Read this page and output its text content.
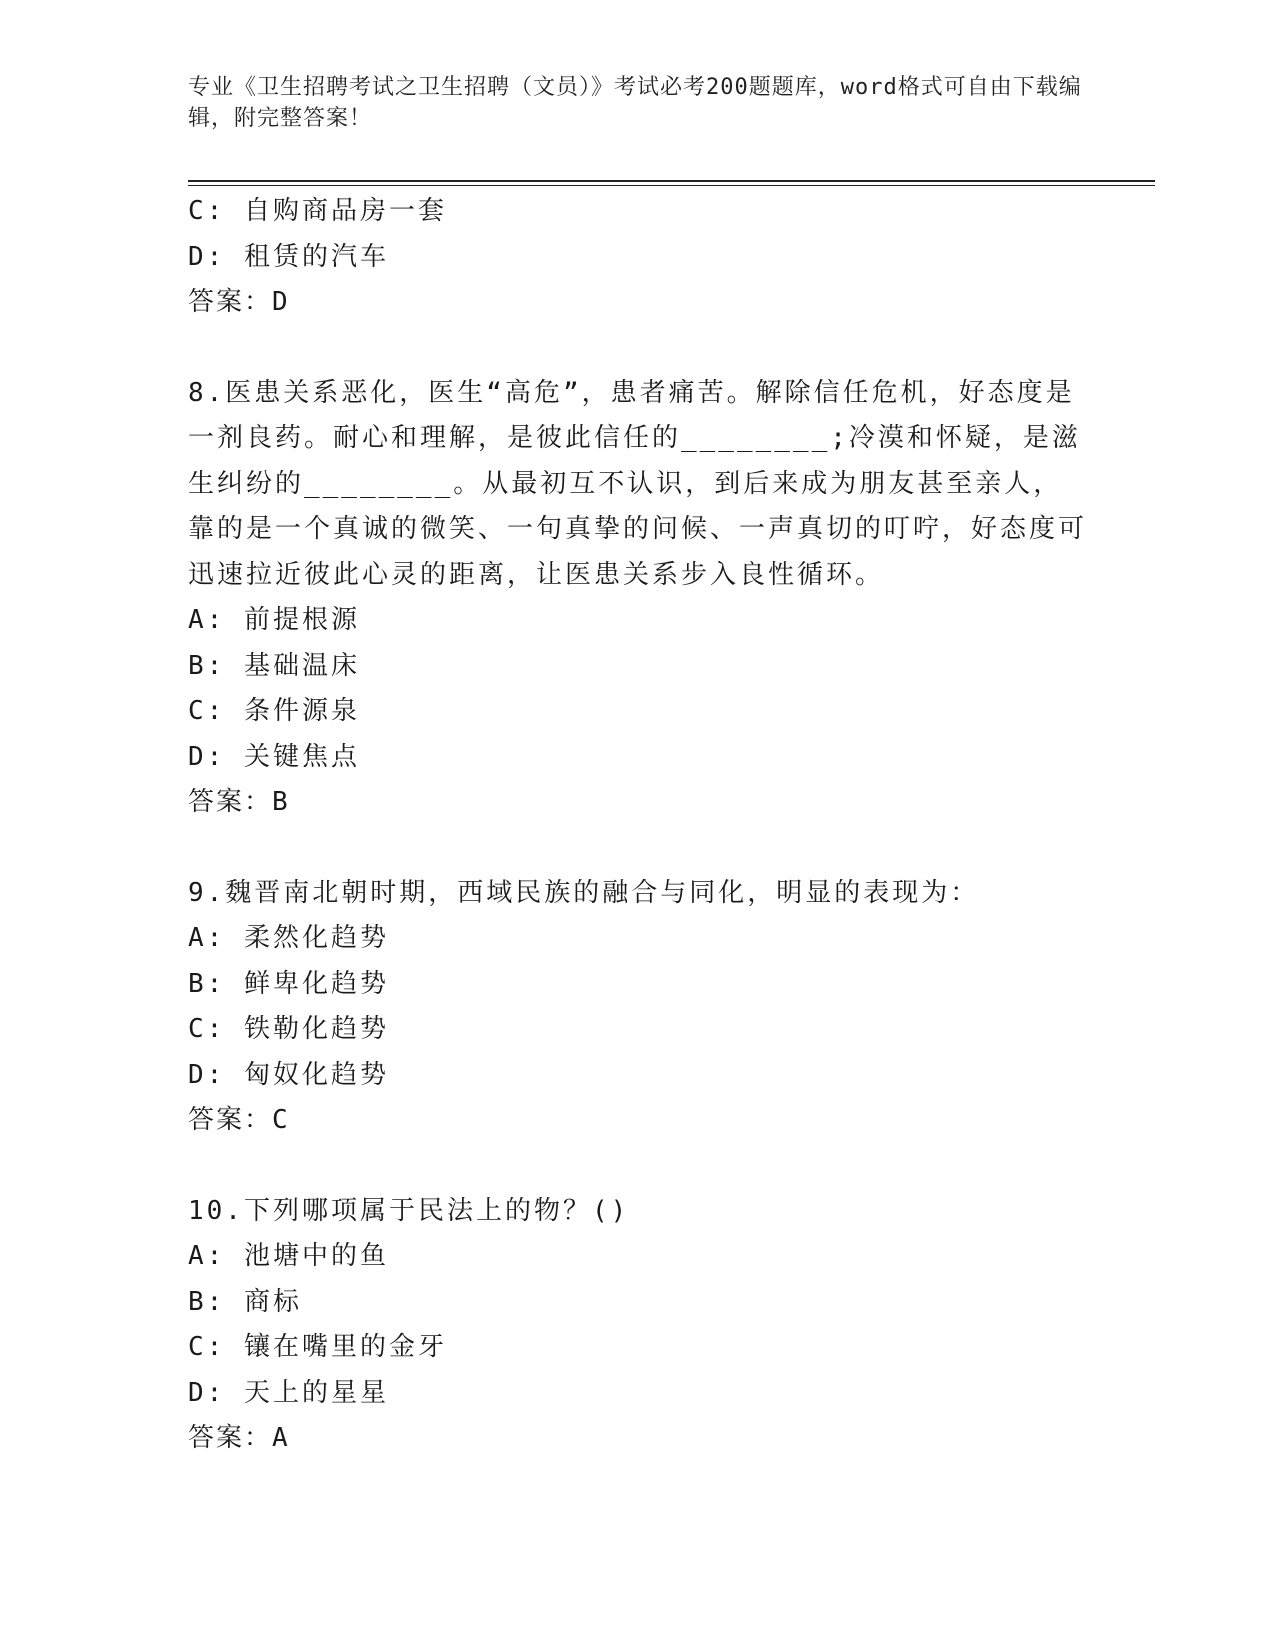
专业《卫生招聘考试之卫生招聘（文员）》考试必考200题题库，word格式可自由下载编辑，附完整答案！

C: 自购商品房一套

D: 租赁的汽车

答案：D

8.医患关系恶化，医生“高危”，患者痛苦。解除信任危机，好态度是一剂良药。耐心和理解，是彼此信任的________;冷漠和怀疑，是滋生纠纷的________。从最初互不认识，到后来成为朋友甚至亲人，靠的是一个真诚的微笑、一句真挚的问候、一声真切的叮咛，好态度可迅速拉近彼此心灵的距离，让医患关系步入良性循环。

A: 前提根源

B: 基础温床

C: 条件源泉

D: 关键焦点

答案：B

9.魏晋南北朝时期，西域民族的融合与同化，明显的表现为：

A: 柔然化趋势

B: 鲜卑化趋势

C: 铁勒化趋势

D: 匈奴化趋势

答案：C

10.下列哪项属于民法上的物？()

A: 池塘中的鱼

B: 商标

C: 镶在嘴里的金牙

D: 天上的星星

答案：A
